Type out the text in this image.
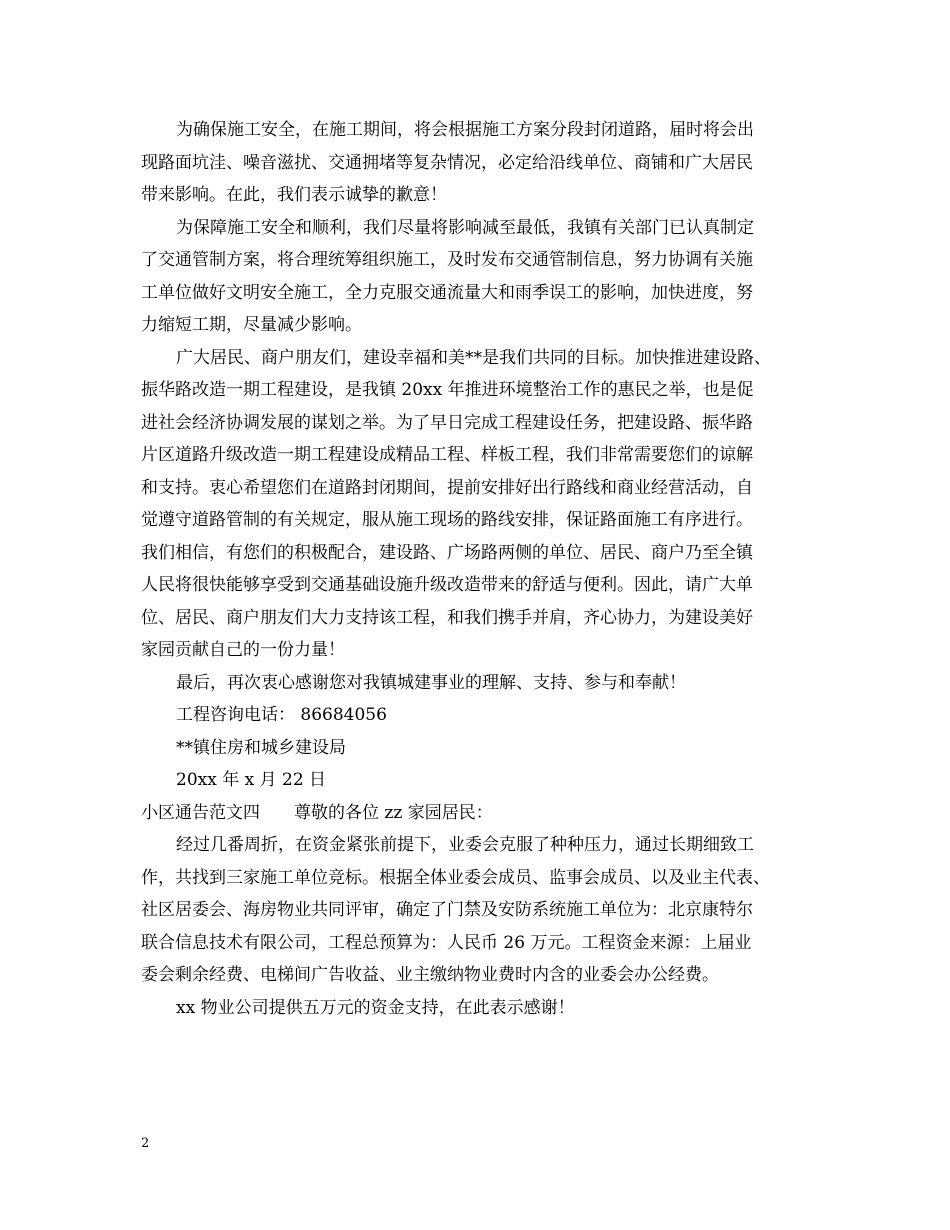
为确保施工安全，在施工期间，将会根据施工方案分段封闭道路，届时将会出
现路面坑洼、噪音滋扰、交通拥堵等复杂情况，必定给沿线单位、商铺和广大居民
带来影响。在此，我们表示诚挚的歉意！
为保障施工安全和顺利，我们尽量将影响减至最低，我镇有关部门已认真制定
了交通管制方案，将合理统筹组织施工，及时发布交通管制信息，努力协调有关施
工单位做好文明安全施工，全力克服交通流量大和雨季误工的影响，加快进度，努
力缩短工期，尽量减少影响。
广大居民、商户朋友们，建设幸福和美**是我们共同的目标。加快推进建设路、
振华路改造一期工程建设，是我镇 20xx 年推进环境整治工作的惠民之举，也是促
进社会经济协调发展的谋划之举。为了早日完成工程建设任务，把建设路、振华路
片区道路升级改造一期工程建设成精品工程、样板工程，我们非常需要您们的谅解
和支持。衷心希望您们在道路封闭期间，提前安排好出行路线和商业经营活动，自
觉遵守道路管制的有关规定，服从施工现场的路线安排，保证路面施工有序进行。
我们相信，有您们的积极配合，建设路、广场路两侧的单位、居民、商户乃至全镇
人民将很快能够享受到交通基础设施升级改造带来的舒适与便利。因此，请广大单
位、居民、商户朋友们大力支持该工程，和我们携手并肩，齐心协力，为建设美好
家园贡献自己的一份力量！
最后，再次衷心感谢您对我镇城建事业的理解、支持、参与和奉献！
工程咨询电话： 86684056
**镇住房和城乡建设局
20xx 年 x 月 22 日
小区通告范文四 尊敬的各位 zz 家园居民：
经过几番周折，在资金紧张前提下，业委会克服了种种压力，通过长期细致工
作，共找到三家施工单位竞标。根据全体业委会成员、监事会成员、以及业主代表、
社区居委会、海房物业共同评审，确定了门禁及安防系统施工单位为：北京康特尔
联合信息技术有限公司，工程总预算为：人民币 26 万元。工程资金来源：上届业
委会剩余经费、电梯间广告收益、业主缴纳物业费时内含的业委会办公经费。
xx 物业公司提供五万元的资金支持，在此表示感谢！
2
